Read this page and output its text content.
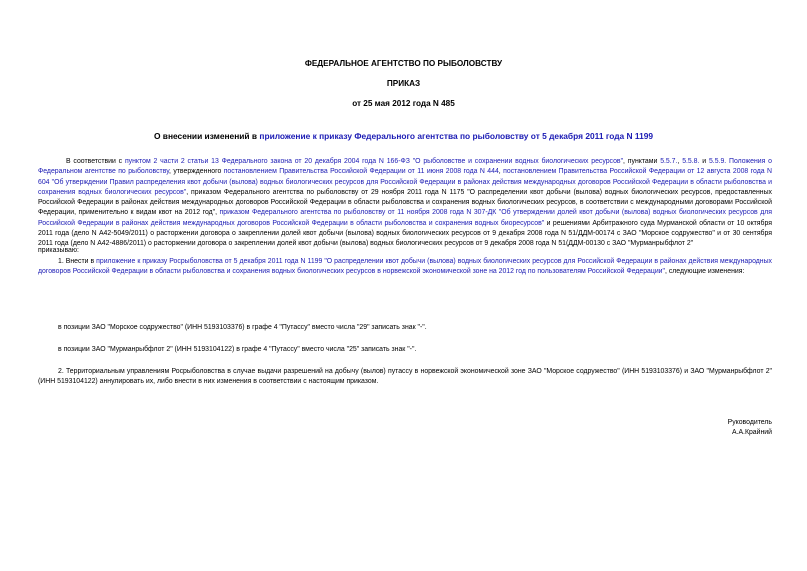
ФЕДЕРАЛЬНОЕ АГЕНТСТВО ПО РЫБОЛОВСТВУ
ПРИКАЗ
от 25 мая 2012 года N 485
О внесении изменений в приложение к приказу Федерального агентства по рыболовству от 5 декабря 2011 года N 1199
В соответствии с пунктом 2 части 2 статьи 13 Федерального закона от 20 декабря 2004 года N 166-ФЗ "О рыболовстве и сохранении водных биологических ресурсов", пунктами 5.5.7., 5.5.8. и 5.5.9. Положения о Федеральном агентстве по рыболовству, утвержденного постановлением Правительства Российской Федерации от 11 июня 2008 года N 444, постановлением Правительства Российской Федерации от 12 августа 2008 года N 604 "Об утверждении Правил распределения квот добычи (вылова) водных биологических ресурсов для Российской Федерации в районах действия международных договоров Российской Федерации в области рыболовства и сохранения водных биологических ресурсов", приказом Федерального агентства по рыболовству от 29 ноября 2011 года N 1175 "О распределении квот добычи (вылова) водных биологических ресурсов, предоставленных Российской Федерации в районах действия международных договоров Российской Федерации в области рыболовства и сохранения водных биологических ресурсов, в соответствии с международными договорами Российской Федерации, применительно к видам квот на 2012 год", приказом Федерального агентства по рыболовству от 11 ноября 2008 года N 307-ДК "Об утверждении долей квот добычи (вылова) водных биологических ресурсов для Российской Федерации в районах действия международных договоров Российской Федерации в области рыболовства и сохранения водных биоресурсов" и решениями Арбитражного суда Мурманской области от 10 октября 2011 года (дело N А42-5049/2011) о расторжении договора о закреплении долей квот добычи (вылова) водных биологических ресурсов от 9 декабря 2008 года N 51/ДДМ-00174 с ЗАО "Морское содружество" и от 30 сентября 2011 года (дело N А42-4886/2011) о расторжении договора о закреплении долей квот добычи (вылова) водных биологических ресурсов от 9 декабря 2008 года N 51(ДДМ-00130 с ЗАО "Мурманрыбфлот 2"
приказываю:
1. Внести в приложение к приказу Росрыболовства от 5 декабря 2011 года N 1199 "О распределении квот добычи (вылова) водных биологических ресурсов для Российской Федерации в районах действия международных договоров Российской Федерации в области рыболовства и сохранения водных биологических ресурсов в норвежской экономической зоне на 2012 год по пользователям Российской Федерации", следующие изменения:
в позиции ЗАО "Морское содружество" (ИНН 5193103376) в графе 4 "Путассу" вместо числа "29" записать знак "-".
в позиции ЗАО "Мурманрыбфлот 2" (ИНН 5193104122) в графе 4 "Путассу" вместо числа "25" записать знак "-".
2. Территориальным управлениям Росрыболовства в случае выдачи разрешений на добычу (вылов) путассу в норвежской экономической зоне ЗАО "Морское содружество" (ИНН 5193103376) и ЗАО "Мурманрыбфлот 2" (ИНН 5193104122) аннулировать их, либо внести в них изменения в соответствии с настоящим приказом.
Руководитель
А.А.Крайний
